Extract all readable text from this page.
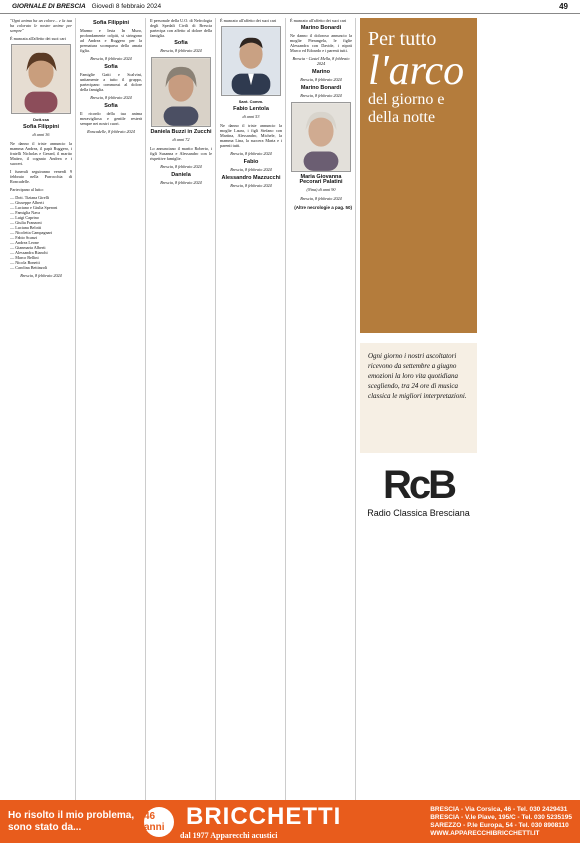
GIORNALE DI BRESCIA Giovedì 8 febbraio 2024	49

"Ogni anima ha un colore... e la tua ha colorato le nostre anime per sempre"

È mancata all'affetto dei suoi cari

Dott.ssa
Sofia Filippini
di anni 36

Ne danno il triste annuncio la mamma Andrea, il papà Ruggero, i fratelli Nicholas e Gerard, il marito Matteo, il cognato Andrea e i suoceri.

I funerali seguiranno venerdì 9 febbraio nella Parrocchia di Roncadelle.

Partecipano al lutto:

— Dott. Tiziana Girelli
— Giuseppe Alberti
— Luciano e Giulia Speroni
— Famiglia Nava
— Luigi Caprino
— Giulia Franzoni
— Luciana Belotti
— Nicoletta Campagnari
— Fabio Scanzi
— Andrea Leone
— Gianmaria Alberti
— Alessandra Bianchi
— Marco Bellini
— Nicola Bonetti
— Carolina Bettinzoli
Brescia, 8 febbraio 2024
Sofia Filippini

Marmo e Iesta In Muro, profondamente colpiti, si stringono ad Andrea e Ruggero per la prematura scomparsa della amata figlia.

Brescia, 8 febbraio 2024
Sofia

Famiglie Gatti e Scalvini, unitamente a tutto il gruppo, partecipano commossi al dolore della famiglia.

Brescia, 8 febbraio 2024
Sofia

Il ricordo della tua anima meravigliosa e gentile resterà sempre nei nostri cuori.

Roncadelle, 8 febbraio 2024

Il personale della U.O. di Nefrologia degli Spedali Civili di Brescia partecipa con affetto al dolore della famiglia.

Sofia
Brescia, 8 febbraio 2024
Daniela Buzzi in Zucchi
di anni 72

Lo annunciano il marito Roberto, i figli Susanna e Alessandro con le rispettive famiglie.

Brescia, 8 febbraio 2024
Daniela
Brescia, 8 febbraio 2024

È mancato all'affetto dei suoi cari

Sant. Comm.
Fabio Lentola
di anni 53

Ne danno il triste annuncio la moglie Laura, i figli Stefano con Martina, Alessandro, Michele, la mamma Lina, la suocera Maria e i parenti tutti.

Brescia, 8 febbraio 2024
Fabio
Brescia, 8 febbraio 2024
Alessandro Mazzucchi
Brescia, 8 febbraio 2024

È mancato all'affetto dei suoi cari

Marino Bonardi

Ne danno il doloroso annuncio la moglie Pierangela, le figlie Alessandra con Davide, i nipoti Marco ed Edoardo e i parenti tutti.

Brescia - Castel Mella, 8 febbraio 2024
Marino
Brescia, 8 febbraio 2024
Marino Bonardi
Brescia, 8 febbraio 2024
Maria Giovanna Pecorari Palatini
(Nina) di anni 90
Brescia, 8 febbraio 2024
(Altre necrologie a pag. 50)
Per tutto
l'arco
del giorno e della notte
Ogni giorno i nostri ascoltatori ricevono da settembre a giugno emozioni la loro vita quotidiana scegliendo, tra 24 ore di musica classica le migliori interpretazioni.
RcB
Radio Classica Bresciana
Ho risolto il mio problema, sono stato da...
46 anni BRICCHETTI
dal 1977 Apparecchi acustici
BRESCIA - Via Corsica, 46 - Tel. 030 2429431
BRESCIA - V.le Piave, 195/C - Tel. 030 5235195
SAREZZO - P.le Europa, 54 - Tel. 030 8908110
WWW.APPARECCHIBRICCHETTI.IT
